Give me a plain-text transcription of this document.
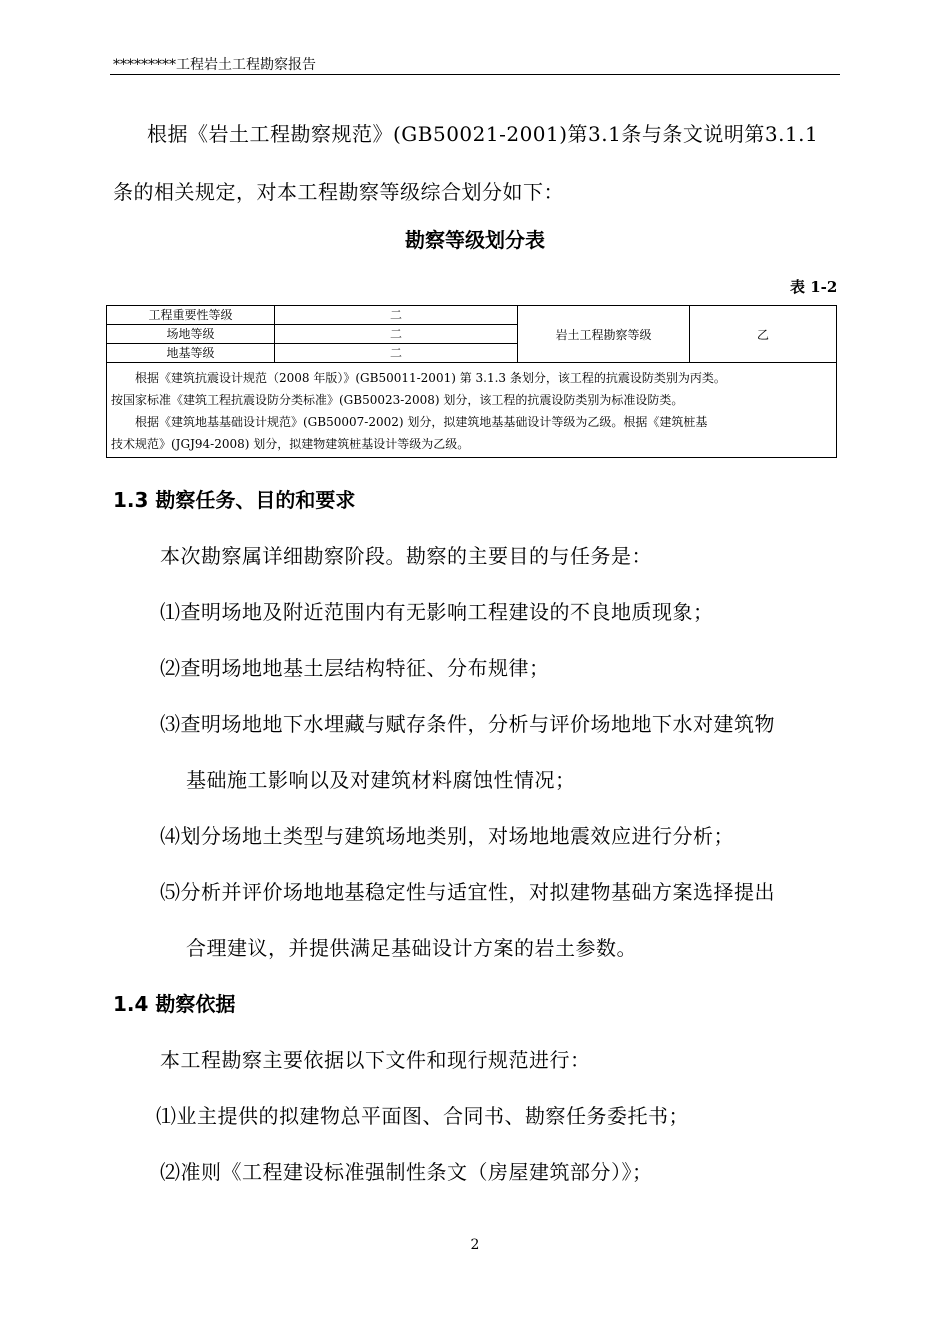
*********工程岩土工程勘察报告
根据《岩土工程勘察规范》(GB50021-2001)第3.1条与条文说明第3.1.1
条的相关规定，对本工程勘察等级综合划分如下：
勘察等级划分表
表 1-2
工程重要性等级	二	岩土工程勘察等级	乙
场地等级	二		
地基等级	二		

根据《建筑抗震设计规范（2008 年版）》(GB50011-2001) 第 3.1.3 条划分，该工程的抗震设防类别为丙类。
按国家标准《建筑工程抗震设防分类标准》(GB50023-2008) 划分，该工程的抗震设防类别为标准设防类。
根据《建筑地基基础设计规范》(GB50007-2002) 划分，拟建筑地基基础设计等级为乙级。根据《建筑桩基
技术规范》(JGJ94-2008) 划分，拟建物建筑桩基设计等级为乙级。			
1.3 勘察任务、目的和要求
本次勘察属详细勘察阶段。勘察的主要目的与任务是：
⑴查明场地及附近范围内有无影响工程建设的不良地质现象；
⑵查明场地地基土层结构特征、分布规律；
⑶查明场地地下水埋藏与赋存条件，分析与评价场地地下水对建筑物
基础施工影响以及对建筑材料腐蚀性情况；
⑷划分场地土类型与建筑场地类别，对场地地震效应进行分析；
⑸分析并评价场地地基稳定性与适宜性，对拟建物基础方案选择提出
合理建议，并提供满足基础设计方案的岩土参数。
1.4 勘察依据
本工程勘察主要依据以下文件和现行规范进行：
⑴业主提供的拟建物总平面图、合同书、勘察任务委托书；
⑵准则《工程建设标准强制性条文（房屋建筑部分）》；
2
